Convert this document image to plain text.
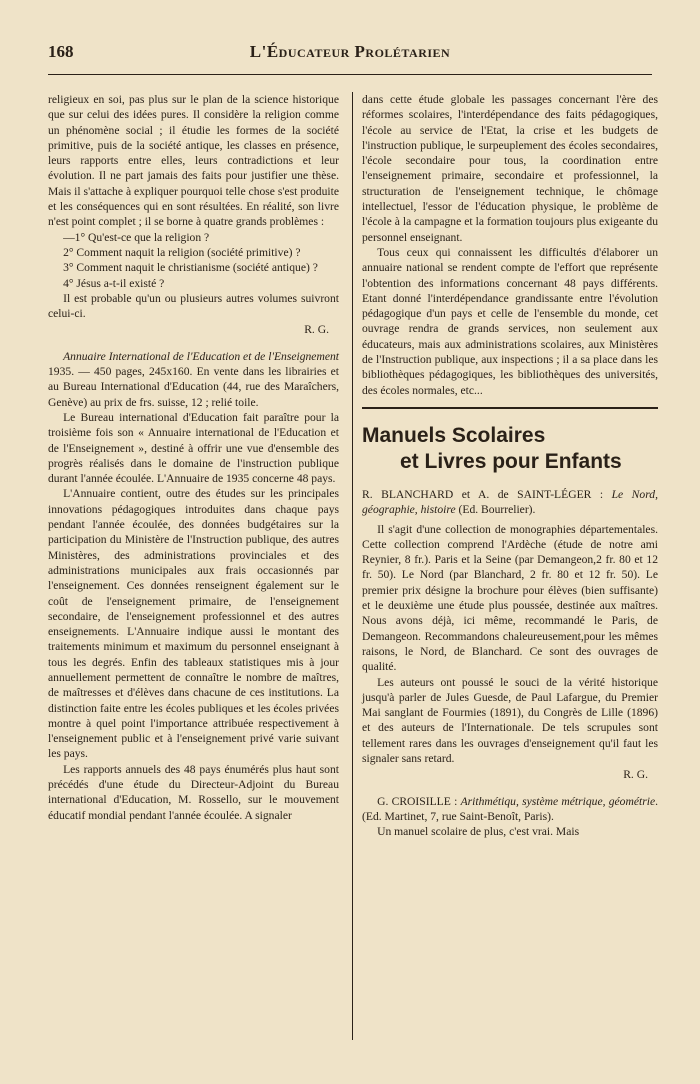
168	L'Éducateur Prolétarien

religieux en soi, pas plus sur le plan de la science historique que sur celui des idées pures. Il considère la religion comme un phénomène social ; il étudie les formes de la société primitive, puis de la société antique, les classes en présence, leurs rapports entre elles, leurs contradictions et leur évolution. Il ne part jamais des faits pour justifier une thèse. Mais il s'attache à expliquer pourquoi telle chose s'est produite et les conséquences qui en sont résultées. En réalité, son livre n'est point complet ; il se borne à quatre grands problèmes :

—1° Qu'est-ce que la religion ?

2° Comment naquit la religion (société primitive) ?

3° Comment naquit le christianisme (société antique) ?

4° Jésus a-t-il existé ?

Il est probable qu'un ou plusieurs autres volumes suivront celui-ci.

R. G.

Annuaire International de l'Education et de l'Enseignement 1935. — 450 pages, 245x160. En vente dans les librairies et au Bureau International d'Education (44, rue des Maraîchers, Genève) au prix de frs. suisse, 12 ; relié toile.

Le Bureau international d'Education fait paraître pour la troisième fois son « Annuaire international de l'Education et de l'Enseignement », destiné à offrir une vue d'ensemble des progrès réalisés dans le domaine de l'instruction publique durant l'année écoulée. L'Annuaire de 1935 concerne 48 pays.

L'Annuaire contient, outre des études sur les principales innovations pédagogiques introduites dans chaque pays pendant l'année écoulée, des données budgétaires sur la participation du Ministère de l'Instruction publique, des autres Ministères, des administrations provinciales et des administrations municipales aux frais occasionnés par l'enseignement. Ces données renseignent également sur le coût de l'enseignement primaire, de l'enseignement secondaire, de l'enseignement professionnel et des autres enseignements. L'Annuaire indique aussi le montant des traitements minimum et maximum du personnel enseignant à tous les degrés. Enfin des tableaux statistiques mis à jour annuellement permettent de connaître le nombre de maîtres, de maîtresses et d'élèves dans chacune de ces institutions. La distinction faite entre les écoles publiques et les écoles privées montre à quel point l'importance attribuée respectivement à l'enseignement public et à l'enseignement privé varie suivant les pays.

Les rapports annuels des 48 pays énumérés plus haut sont précédés d'une étude du Directeur-Adjoint du Bureau international d'Education, M. Rossello, sur le mouvement éducatif mondial pendant l'année écoulée. A signaler

dans cette étude globale les passages concernant l'ère des réformes scolaires, l'interdépendance des faits pédagogiques, l'école au service de l'Etat, la crise et les budgets de l'instruction publique, le surpeuplement des écoles secondaires, l'école secondaire pour tous, la coordination entre l'enseignement primaire, secondaire et professionnel, la structuration de l'enseignement technique, le chômage intellectuel, l'essor de l'éducation physique, le problème de l'école à la campagne et la formation toujours plus exigeante du personnel enseignant.

Tous ceux qui connaissent les difficultés d'élaborer un annuaire national se rendent compte de l'effort que représente l'obtention des informations concernant 48 pays différents. Etant donné l'interdépendance grandissante entre l'évolution pédagogique d'un pays et celle de l'ensemble du monde, cet ouvrage rendra de grands services, non seulement aux éducateurs, mais aux administrations scolaires, aux Ministères de l'Instruction publique, aux inspections ; il a sa place dans les bibliothèques pédagogiques, les bibliothèques des universités, des écoles normales, etc...

Manuels Scolaires
et Livres pour Enfants

R. BLANCHARD et A. de SAINT-LÉGER : Le Nord, géographie, histoire (Ed. Bourrelier).

Il s'agit d'une collection de monographies départementales. Cette collection comprend l'Ardèche (étude de notre ami Reynier, 8 fr.). Paris et la Seine (par Demangeon,2 fr. 80 et 12 fr. 50). Le Nord (par Blanchard, 2 fr. 80 et 12 fr. 50). Le premier prix désigne la brochure pour élèves (bien suffisante) et le deuxième une étude plus poussée, destinée aux maîtres. Nous avons déjà, ici même, recommandé le Paris, de Demangeon. Recommandons chaleureusement,pour les mêmes raisons, le Nord, de Blanchard. Ce sont des ouvrages de qualité.

Les auteurs ont poussé le souci de la vérité historique jusqu'à parler de Jules Guesde, de Paul Lafargue, du Premier Mai sanglant de Fourmies (1891), du Congrès de Lille (1896) et des auteurs de l'Internationale. De tels scrupules sont tellement rares dans les ouvrages d'enseignement qu'il faut les signaler sans retard.

R. G.

G. CROISILLE : Arithmétiqu, système métrique, géométrie. (Ed. Martinet, 7, rue Saint-Benoît, Paris).

Un manuel scolaire de plus, c'est vrai. Mais
